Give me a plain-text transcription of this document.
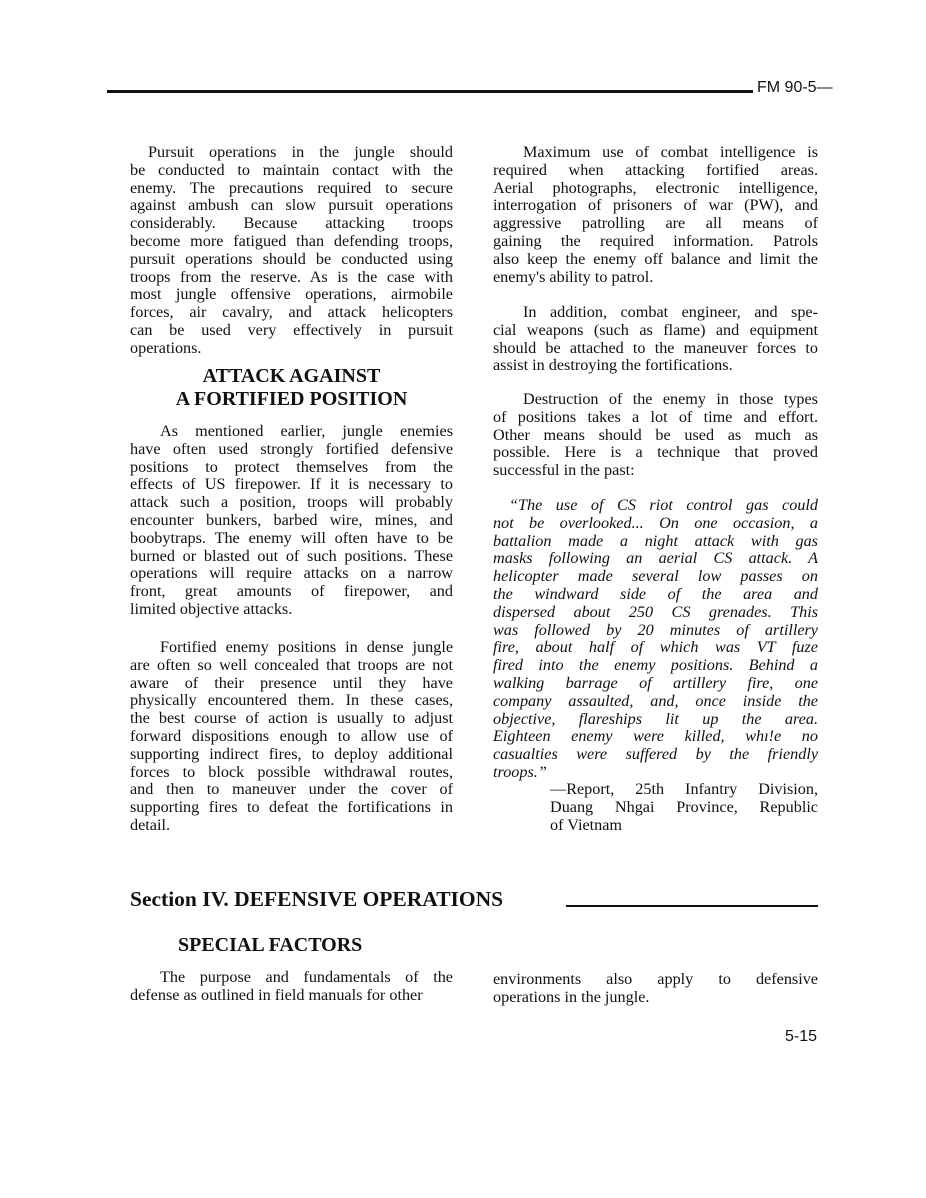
FM 90-5—
Pursuit operations in the jungle should
be conducted to maintain contact with the
enemy. The precautions required to secure
against ambush can slow pursuit operations
considerably. Because attacking troops
become more fatigued than defending troops,
pursuit operations should be conducted using
troops from the reserve. As is the case with
most jungle offensive operations, airmobile
forces, air cavalry, and attack helicopters
can be used very effectively in pursuit
operations.
ATTACK AGAINST
A FORTIFIED POSITION
As mentioned earlier, jungle enemies
have often used strongly fortified defensive
positions to protect themselves from the
effects of US firepower. If it is necessary to
attack such a position, troops will probably
encounter bunkers, barbed wire, mines, and
boobytraps. The enemy will often have to be
burned or blasted out of such positions. These
operations will require attacks on a narrow
front, great amounts of firepower, and
limited objective attacks.
Fortified enemy positions in dense jungle
are often so well concealed that troops are not
aware of their presence until they have
physically encountered them. In these cases,
the best course of action is usually to adjust
forward dispositions enough to allow use of
supporting indirect fires, to deploy additional
forces to block possible withdrawal routes,
and then to maneuver under the cover of
supporting fires to defeat the fortifications in
detail.
Maximum use of combat intelligence is
required when attacking fortified areas.
Aerial photographs, electronic intelligence,
interrogation of prisoners of war (PW), and
aggressive patrolling are all means of
gaining the required information. Patrols
also keep the enemy off balance and limit the
enemy's ability to patrol.
In addition, combat engineer, and spe-
cial weapons (such as flame) and equipment
should be attached to the maneuver forces to
assist in destroying the fortifications.
Destruction of the enemy in those types
of positions takes a lot of time and effort.
Other means should be used as much as
possible. Here is a technique that proved
successful in the past:
“The use of CS riot control gas could
not be overlooked... On one occasion, a
battalion made a night attack with gas
masks following an aerial CS attack. A
helicopter made several low passes on
the windward side of the area and
dispersed about 250 CS grenades. This
was followed by 20 minutes of artillery
fire, about half of which was VT fuze
fired into the enemy positions. Behind a
walking barrage of artillery fire, one
company assaulted, and, once inside the
objective, flareships lit up the area.
Eighteen enemy were killed, whı!e no
casualties were suffered by the friendly
troops.”
—Report, 25th Infantry Division,
Duang Nhgai Province, Republic
of Vietnam
Section IV. DEFENSIVE OPERATIONS
SPECIAL FACTORS
The purpose and fundamentals of the
defense as outlined in field manuals for other
environments also apply to defensive
operations in the jungle.
5-15
